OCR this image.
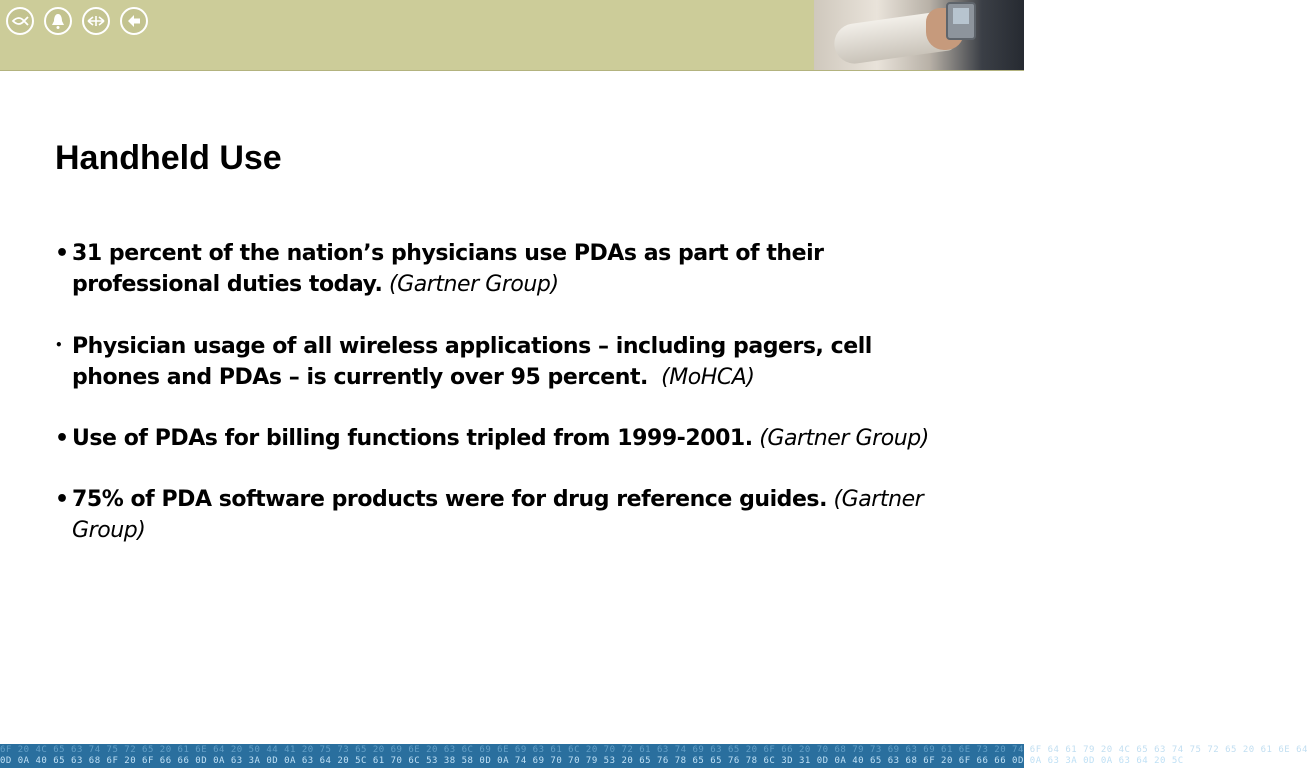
Handheld Use
• 31 percent of the nation’s physicians use PDAs as part of their professional duties today. (Gartner Group)
• Physician usage of all wireless applications – including pagers, cell phones and PDAs – is currently over 95 percent. (MoHCA)
• Use of PDAs for billing functions tripled from 1999-2001. (Gartner Group)
• 75% of PDA software products were for drug reference guides. (Gartner Group)
6F 20 4C 65 63 74 75 72 65 20 61 6E 64 20 50 44 41 20 75 73 65 20 69 6E 20 63 6C 69 6E 69 63 61 6C 20 70 72 61 63 74 69 63 65 20 6F 66 20 70 68 79 73 69 63 69 61 6E 73 20 74 6F 64 61 79 20 4C 65 63 74 75 72 65 20 61 6E 64
0D 0A 40 65 63 68 6F 20 6F 66 66 0D 0A 63 3A 0D 0A 63 64 20 5C 61 70 6C 53 38 58 0D 0A 74 69 70 70 79 53 20 65 76 78 65 65 76 78 6C 3D 31 0D 0A 40 65 63 68 6F 20 6F 66 66 0D 0A 63 3A 0D 0A 63 64 20 5C
